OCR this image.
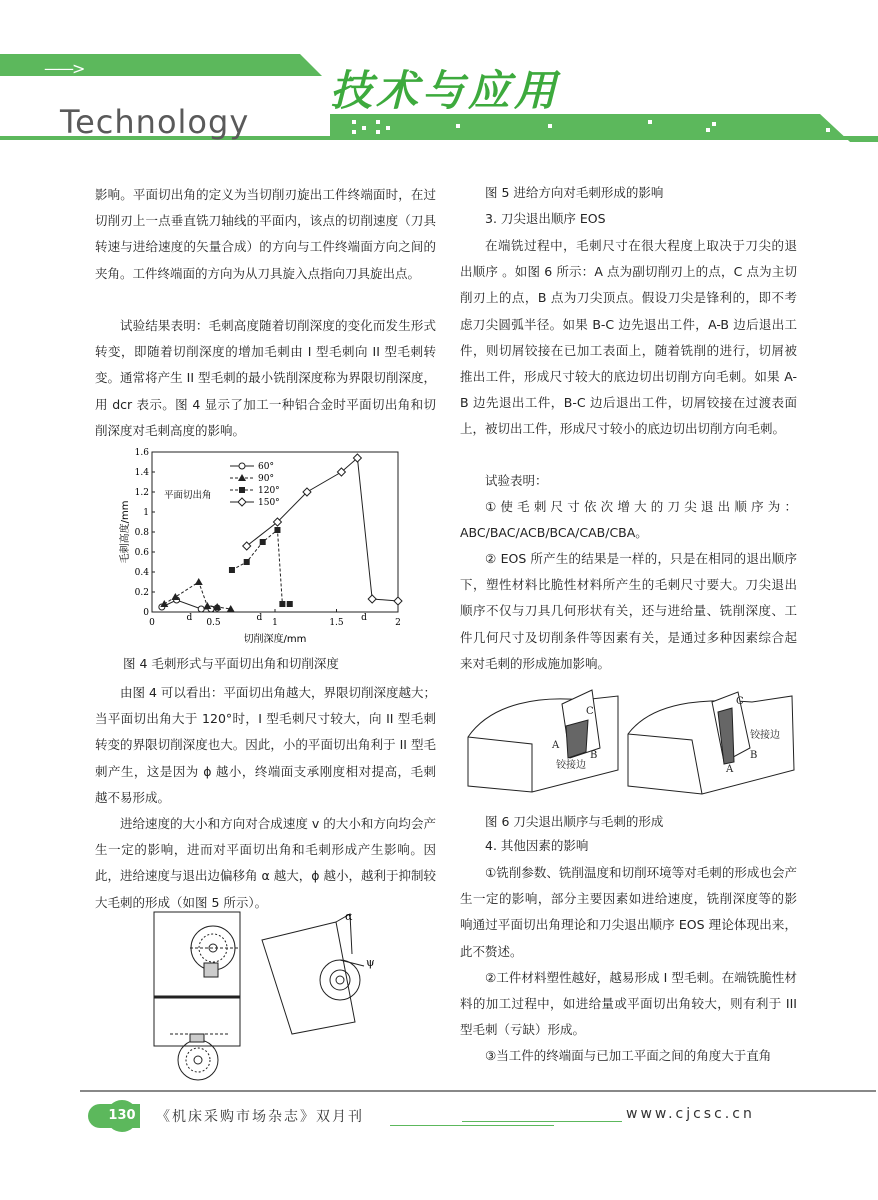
——>	技术与应用
Technology

影响。平面切出角的定义为当切削刃旋出工件终端面时，在过切削刃上一点垂直铣刀轴线的平面内，该点的切削速度（刀具转速与进给速度的矢量合成）的方向与工件终端面方向之间的夹角。工件终端面的方向为从刀具旋入点指向刀具旋出点。

试验结果表明：毛刺高度随着切削深度的变化而发生形式转变，即随着切削深度的增加毛刺由 I 型毛刺向 II 型毛刺转变。通常将产生 II 型毛刺的最小铣削深度称为界限切削深度，用 dcr 表示。图 4 显示了加工一种铝合金时平面切出角和切削深度对毛刺高度的影响。

0
0.2
0.4
0.6
0.8
1
1.2
1.4
1.6
0	0.5	1	1.5	2
d	d	d
切削深度/mm
毛刺高度/mm
平面切出角
60°
90°
120°
150°
图 4 毛刺形式与平面切出角和切削深度

由图 4 可以看出：平面切出角越大，界限切削深度越大；当平面切出角大于 120°时，I 型毛刺尺寸较大，向 II 型毛刺转变的界限切削深度也大。因此，小的平面切出角利于 II 型毛刺产生，这是因为 ϕ 越小，终端面支承刚度相对提高，毛刺越不易形成。

进给速度的大小和方向对合成速度 v 的大小和方向均会产生一定的影响，进而对平面切出角和毛刺形成产生影响。因此，进给速度与退出边偏移角 α 越大，ϕ 越小，越利于抑制较大毛刺的形成（如图 5 所示）。

α
ψ
图 5 进给方向对毛刺形成的影响
3. 刀尖退出顺序 EOS

在端铣过程中，毛刺尺寸在很大程度上取决于刀尖的退出顺序 。如图 6 所示：A 点为副切削刃上的点，C 点为主切削刃上的点，B 点为刀尖顶点。假设刀尖是锋利的，即不考虑刀尖圆弧半径。如果 B-C 边先退出工件，A-B 边后退出工件，则切屑铰接在已加工表面上，随着铣削的进行，切屑被推出工件，形成尺寸较大的底边切出切削方向毛刺。如果 A-B 边先退出工件，B-C 边后退出工件，切屑铰接在过渡表面上，被切出工件，形成尺寸较小的底边切出切削方向毛刺。

试验表明：

①使毛刺尺寸依次增大的刀尖退出顺序为：ABC/BAC/ACB/BCA/CAB/CBA。

② EOS 所产生的结果是一样的，只是在相同的退出顺序下，塑性材料比脆性材料所产生的毛刺尺寸要大。刀尖退出顺序不仅与刀具几何形状有关，还与进给量、铣削深度、工件几何尺寸及切削条件等因素有关，是通过多种因素综合起来对毛刺的形成施加影响。

C
A
B
铰接边
C
A
B
铰接边
图 6 刀尖退出顺序与毛刺的形成
4. 其他因素的影响

①铣削参数、铣削温度和切削环境等对毛刺的形成也会产生一定的影响，部分主要因素如进给速度，铣削深度等的影响通过平面切出角理论和刀尖退出顺序 EOS 理论体现出来，此不赘述。

②工件材料塑性越好，越易形成 I 型毛刺。在端铣脆性材料的加工过程中，如进给量或平面切出角较大，则有利于 III 型毛刺（亏缺）形成。

③当工件的终端面与已加工平面之间的角度大于直角

130 《机床采购市场杂志》双月刊	www.cjcsc.cn
